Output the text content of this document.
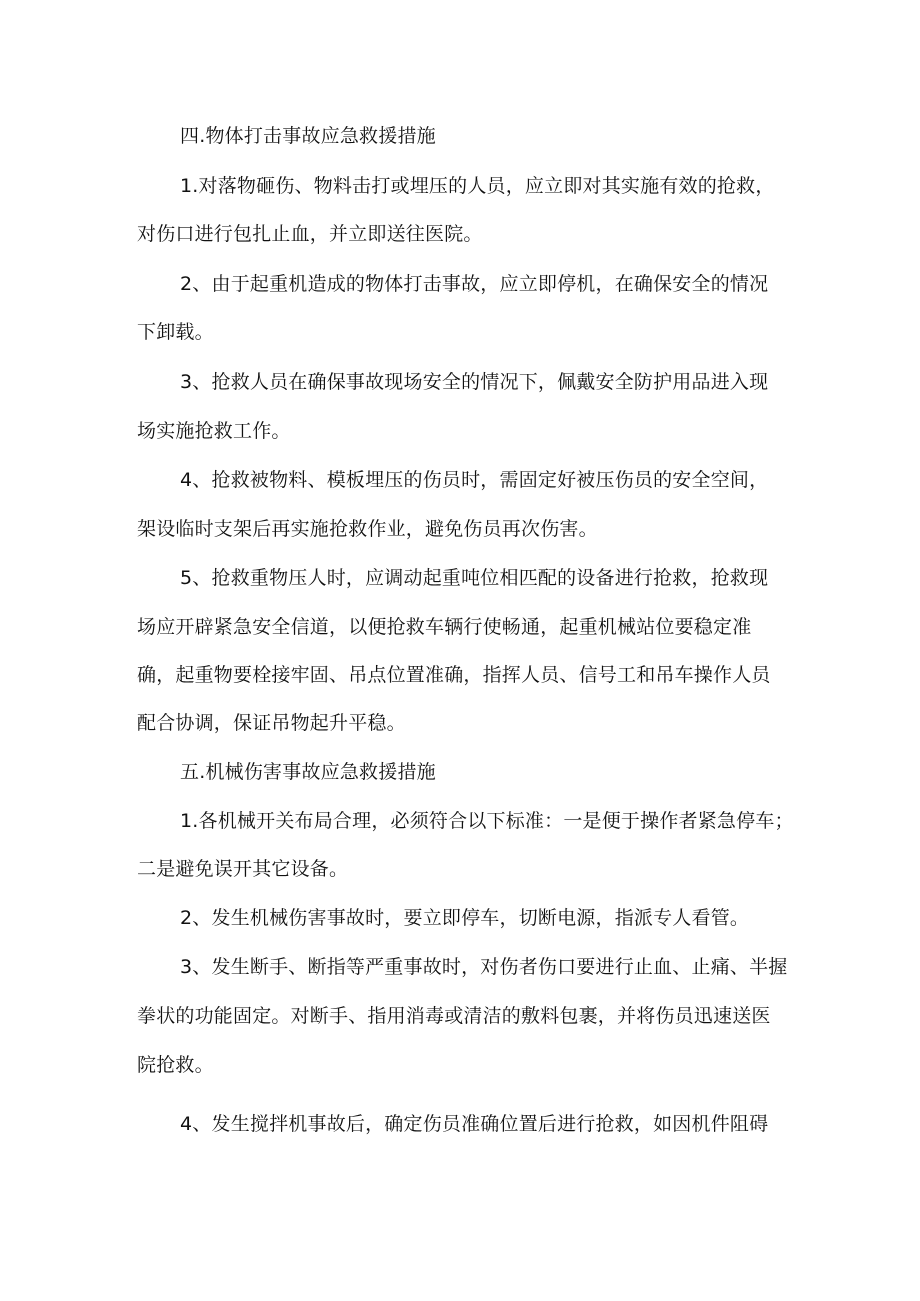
四.物体打击事故应急救援措施
1.对落物砸伤、物料击打或埋压的人员，应立即对其实施有效的抢救，
对伤口进行包扎止血，并立即送往医院。
2、由于起重机造成的物体打击事故，应立即停机，在确保安全的情况
下卸载。
3、抢救人员在确保事故现场安全的情况下，佩戴安全防护用品进入现
场实施抢救工作。
4、抢救被物料、模板埋压的伤员时，需固定好被压伤员的安全空间，
架设临时支架后再实施抢救作业，避免伤员再次伤害。
5、抢救重物压人时，应调动起重吨位相匹配的设备进行抢救，抢救现
场应开辟紧急安全信道，以便抢救车辆行使畅通，起重机械站位要稳定准
确，起重物要栓接牢固、吊点位置准确，指挥人员、信号工和吊车操作人员
配合协调，保证吊物起升平稳。
五.机械伤害事故应急救援措施
1.各机械开关布局合理，必须符合以下标准：一是便于操作者紧急停车；
二是避免误开其它设备。
2、发生机械伤害事故时，要立即停车，切断电源，指派专人看管。
3、发生断手、断指等严重事故时，对伤者伤口要进行止血、止痛、半握
拳状的功能固定。对断手、指用消毒或清洁的敷料包裹，并将伤员迅速送医
院抢救。
4、发生搅拌机事故后，确定伤员准确位置后进行抢救，如因机件阻碍
